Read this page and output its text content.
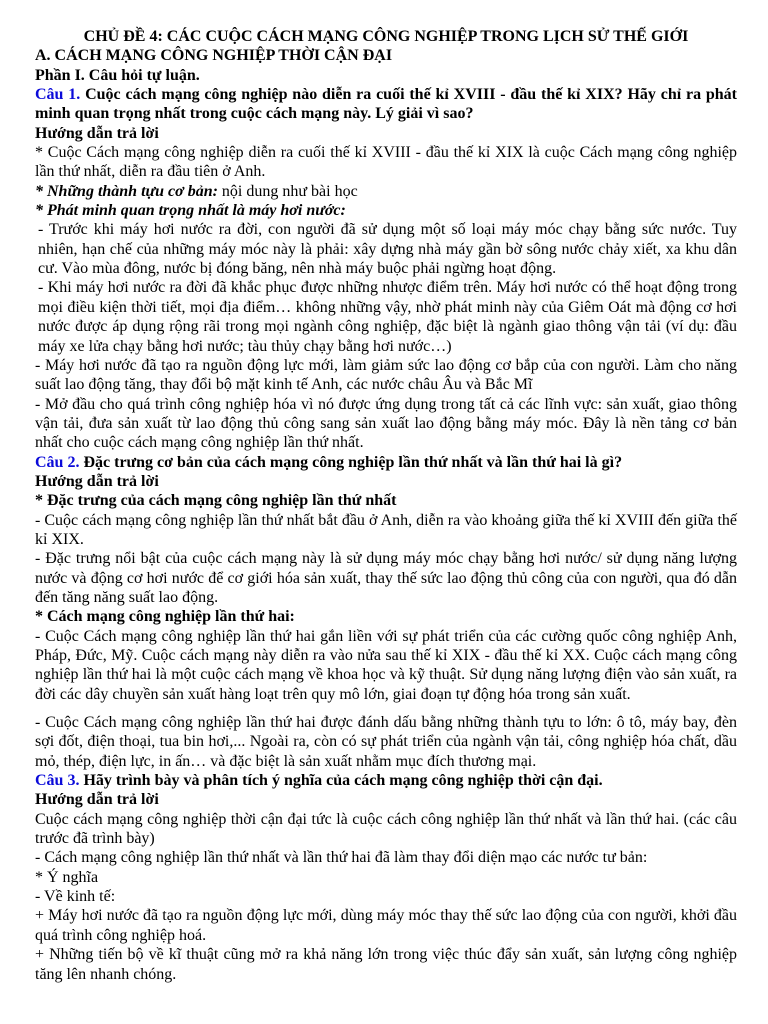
CHỦ ĐỀ 4: CÁC CUỘC CÁCH MẠNG CÔNG NGHIỆP TRONG LỊCH SỬ THẾ GIỚI
A. CÁCH MẠNG CÔNG NGHIỆP THỜI CẬN ĐẠI
Phần I. Câu hỏi tự luận.
Câu 1. Cuộc cách mạng công nghiệp nào diễn ra cuối thế kỉ XVIII - đầu thế kỉ XIX? Hãy chỉ ra phát minh quan trọng nhất trong cuộc cách mạng này. Lý giải vì sao?
Hướng dẫn trả lời
* Cuộc Cách mạng công nghiệp diễn ra cuối thế kỉ XVIII - đầu thế kỉ XIX là cuộc Cách mạng công nghiệp lần thứ nhất, diễn ra đầu tiên ở Anh.
* Những thành tựu cơ bản: nội dung như bài học
* Phát minh quan trọng nhất là máy hơi nước:
- Trước khi máy hơi nước ra đời, con người đã sử dụng một số loại máy móc chạy bằng sức nước. Tuy nhiên, hạn chế của những máy móc này là phải: xây dựng nhà máy gần bờ sông nước chảy xiết, xa khu dân cư. Vào mùa đông, nước bị đóng băng, nên nhà máy buộc phải ngừng hoạt động.
- Khi máy hơi nước ra đời đã khắc phục được những nhược điểm trên. Máy hơi nước có thể hoạt động trong mọi điều kiện thời tiết, mọi địa điểm… không những vậy, nhờ phát minh này của Giêm Oát mà động cơ hơi nước được áp dụng rộng rãi trong mọi ngành công nghiệp, đặc biệt là ngành giao thông vận tải (ví dụ: đầu máy xe lửa chạy bằng hơi nước; tàu thủy chạy bằng hơi nước…)
- Máy hơi nước đã tạo ra nguồn động lực mới, làm giảm sức lao động cơ bắp của con người. Làm cho năng suất lao động tăng, thay đổi bộ mặt kinh tế Anh, các nước châu Âu và Bắc Mĩ
- Mở đầu cho quá trình công nghiệp hóa vì nó được ứng dụng trong tất cả các lĩnh vực: sản xuất, giao thông vận tải, đưa sản xuất từ lao động thủ công sang sản xuất lao động bằng máy móc. Đây là nền tảng cơ bản nhất cho cuộc cách mạng công nghiệp lần thứ nhất.
Câu 2. Đặc trưng cơ bản của cách mạng công nghiệp lần thứ nhất và lần thứ hai là gì?
Hướng dẫn trả lời
* Đặc trưng của cách mạng công nghiệp lần thứ nhất
- Cuộc cách mạng công nghiệp lần thứ nhất bắt đầu ở Anh, diễn ra vào khoảng giữa thế kỉ XVIII đến giữa thế kỉ XIX.
- Đặc trưng nổi bật của cuộc cách mạng này là sử dụng máy móc chạy bằng hơi nước/ sử dụng năng lượng nước và động cơ hơi nước để cơ giới hóa sản xuất, thay thế sức lao động thủ công của con người, qua đó dẫn đến tăng năng suất lao động.
* Cách mạng công nghiệp lần thứ hai:
- Cuộc Cách mạng công nghiệp lần thứ hai gắn liền với sự phát triển của các cường quốc công nghiệp Anh, Pháp, Đức, Mỹ. Cuộc cách mạng này diễn ra vào nửa sau thế kỉ XIX - đầu thế kỉ XX. Cuộc cách mạng công nghiệp lần thứ hai là một cuộc cách mạng về khoa học và kỹ thuật. Sử dụng năng lượng điện vào sản xuất, ra đời các dây chuyền sản xuất hàng loạt trên quy mô lớn, giai đoạn tự động hóa trong sản xuất.
- Cuộc Cách mạng công nghiệp lần thứ hai được đánh dấu bằng những thành tựu to lớn: ô tô, máy bay, đèn sợi đốt, điện thoại, tua bin hơi,... Ngoài ra, còn có sự phát triển của ngành vận tải, công nghiệp hóa chất, dầu mỏ, thép, điện lực, in ấn… và đặc biệt là sản xuất nhằm mục đích thương mại.
Câu 3. Hãy trình bày và phân tích ý nghĩa của cách mạng công nghiệp thời cận đại.
Hướng dẫn trả lời
Cuộc cách mạng công nghiệp thời cận đại tức là cuộc cách công nghiệp lần thứ nhất và lần thứ hai. (các câu trước đã trình bày)
- Cách mạng công nghiệp lần thứ nhất và lần thứ hai đã làm thay đổi diện mạo các nước tư bản:
* Ý nghĩa
- Về kinh tế:
+ Máy hơi nước đã tạo ra nguồn động lực mới, dùng máy móc thay thế sức lao động của con người, khởi đầu quá trình công nghiệp hoá.
+ Những tiến bộ về kĩ thuật cũng mở ra khả năng lớn trong việc thúc đẩy sản xuất, sản lượng công nghiệp tăng lên nhanh chóng.
